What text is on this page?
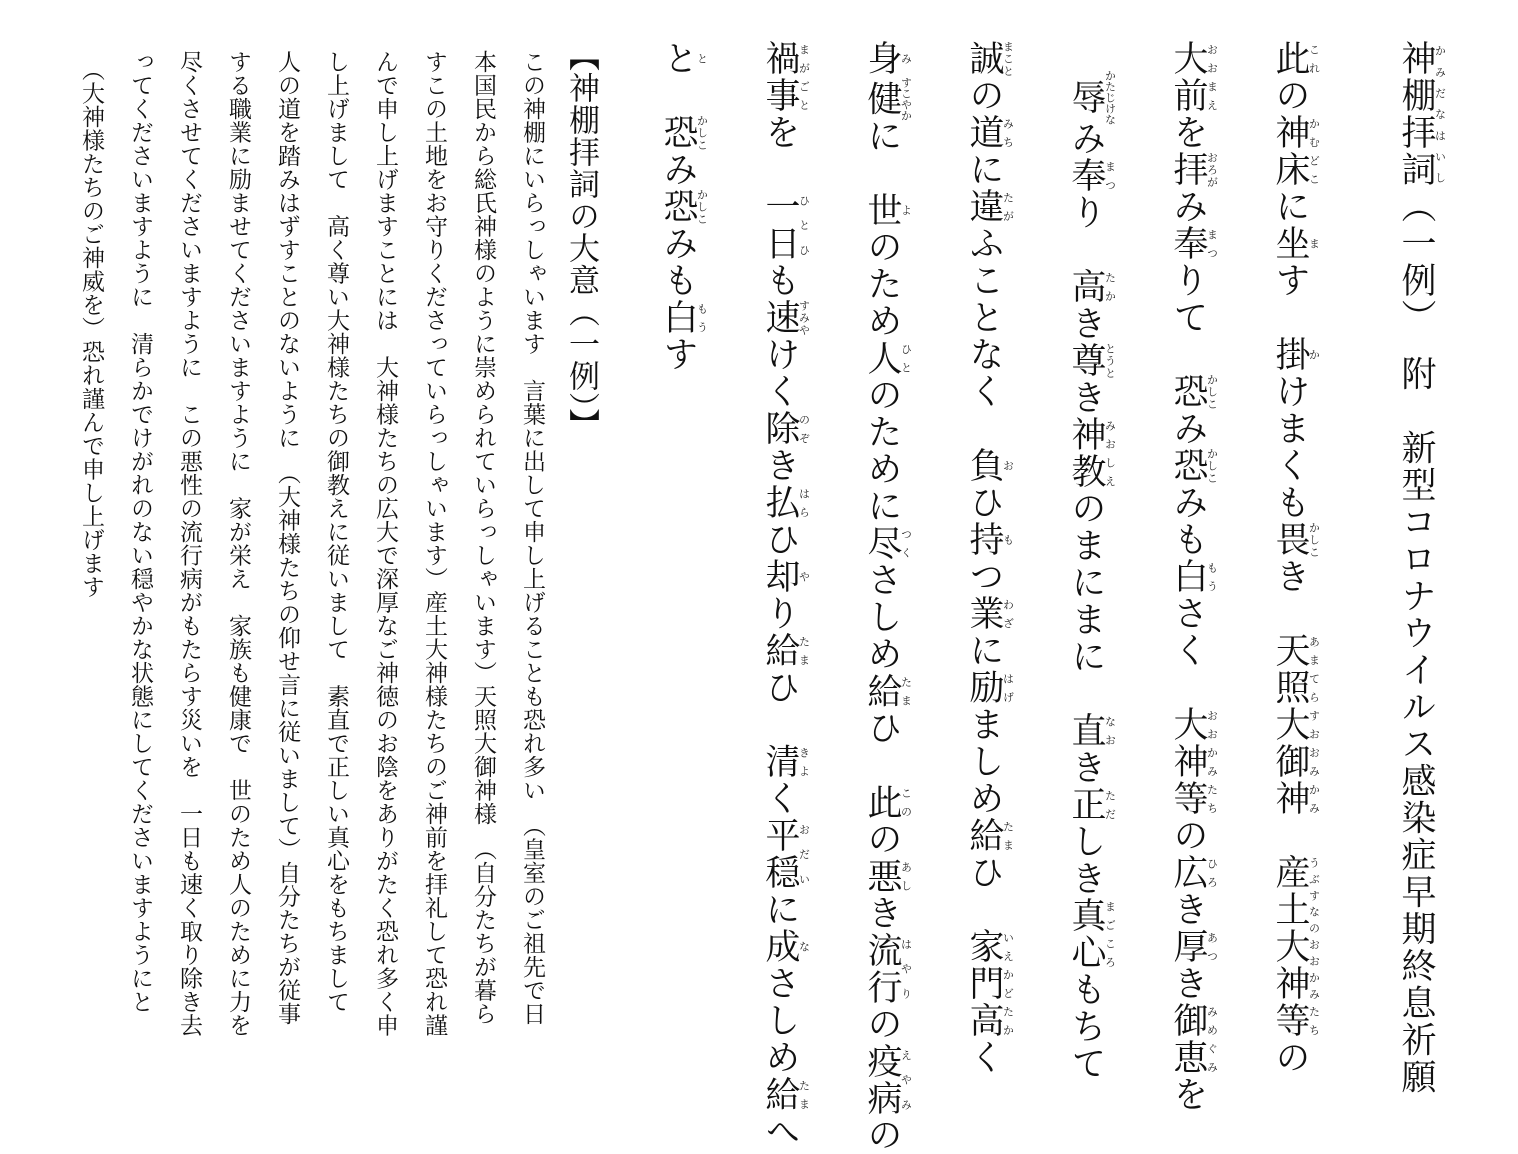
神棚拝詞かみだなはいし（一例）　附　新型コロナウイルス感染症早期終息祈願
此これの神床かむどこに坐ます　掛かけまくも畏かしこき　天照大御神あまてらすおおみかみ　産土大神うぶすなのおおかみ等たちの
大前おおまえを拝おろがみ奉まつりて　恐かしこみ恐かしこみも白もうさく　大神等おおかみたちの広ひろき厚あつき御恵みめぐみを
辱かたじけなみ奉まつり　高たかき尊とうとき神教みおしえのまにまに　直なおき正ただしき真心まごころもちて
誠まことの道みちに違たがふことなく　負おひ持もつ業わざに励はげましめ給たまひ　家門いえかど高たかく
身み健すこやかに　世よのため人ひとのために尽つくさしめ給たまひ　此このの悪あしき流行はやりの疫病えやみの
禍事まがごとを　一日ひとひも速すみやけく除のぞき払はらひ却やり給たまひ　清きよく平穏おだいに成なさしめ給たまへ
とと　恐かしこみ恐かしこみも白もうす
【神棚拝詞の大意（一例）】
この神棚にいらっしゃいます　言葉に出して申し上げることも恐れ多い　（皇室のご祖先で日
本国民から総氏神様のように崇められていらっしゃいます）天照大御神様　（自分たちが暮ら
すこの土地をお守りくださっていらっしゃいます）産土大神様たちのご神前を拝礼して恐れ謹
んで申し上げますことには　大神様たちの広大で深厚なご神徳のお陰をありがたく恐れ多く申
し上げまして　高く尊い大神様たちの御教えに従いまして　素直で正しい真心をもちまして
人の道を踏みはずすことのないように　（大神様たちの仰せ言に従いまして）自分たちが従事
する職業に励ませてくださいますように　家が栄え　家族も健康で　世のため人のために力を
尽くさせてくださいますように　この悪性の流行病がもたらす災いを　一日も速く取り除き去
ってくださいますように　清らかでけがれのない穏やかな状態にしてくださいますようにと
（大神様たちのご神威を）恐れ謹んで申し上げます
